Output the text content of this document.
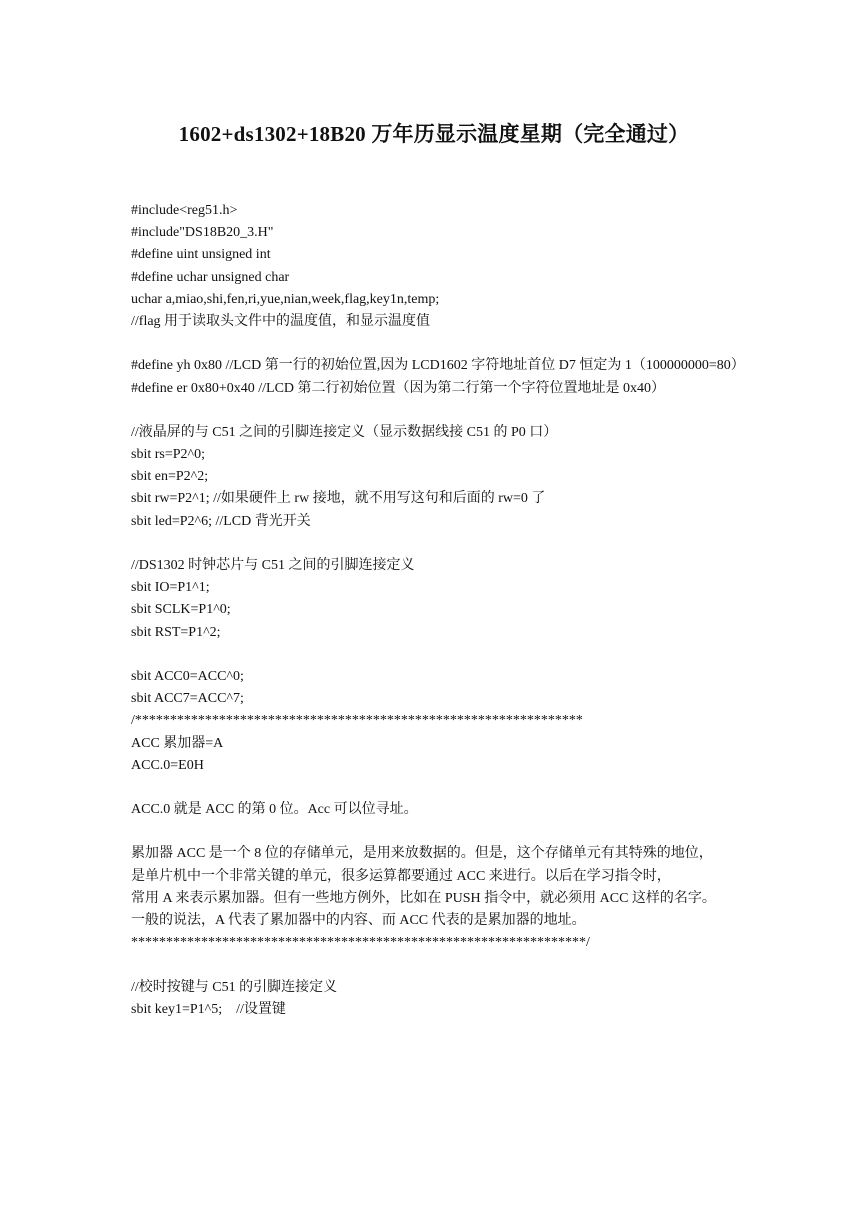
1602+ds1302+18B20 万年历显示温度星期（完全通过）
#include<reg51.h>
#include"DS18B20_3.H"
#define uint unsigned int
#define uchar unsigned char
uchar a,miao,shi,fen,ri,yue,nian,week,flag,key1n,temp;
//flag 用于读取头文件中的温度值，和显示温度值
#define yh 0x80 //LCD 第一行的初始位置,因为 LCD1602 字符地址首位 D7 恒定为 1（100000000=80）
#define er 0x80+0x40 //LCD 第二行初始位置（因为第二行第一个字符位置地址是 0x40）
//液晶屏的与 C51 之间的引脚连接定义（显示数据线接 C51 的 P0 口）
sbit rs=P2^0;
sbit en=P2^2;
sbit rw=P2^1; //如果硬件上 rw 接地，就不用写这句和后面的 rw=0 了
sbit led=P2^6; //LCD 背光开关
//DS1302 时钟芯片与 C51 之间的引脚连接定义
sbit IO=P1^1;
sbit SCLK=P1^0;
sbit RST=P1^2;
sbit ACC0=ACC^0;
sbit ACC7=ACC^7;
/****************************************************************
ACC 累加器=A
ACC.0=E0H
ACC.0 就是 ACC 的第 0 位。Acc 可以位寻址。
累加器 ACC 是一个 8 位的存储单元，是用来放数据的。但是，这个存储单元有其特殊的地位，
是单片机中一个非常关键的单元，很多运算都要通过 ACC 来进行。以后在学习指令时，
常用 A 来表示累加器。但有一些地方例外，比如在 PUSH 指令中，就必须用 ACC 这样的名字。
一般的说法，A 代表了累加器中的内容、而 ACC 代表的是累加器的地址。
*****************************************************************/
//校时按键与 C51 的引脚连接定义
sbit key1=P1^5;    //设置键
